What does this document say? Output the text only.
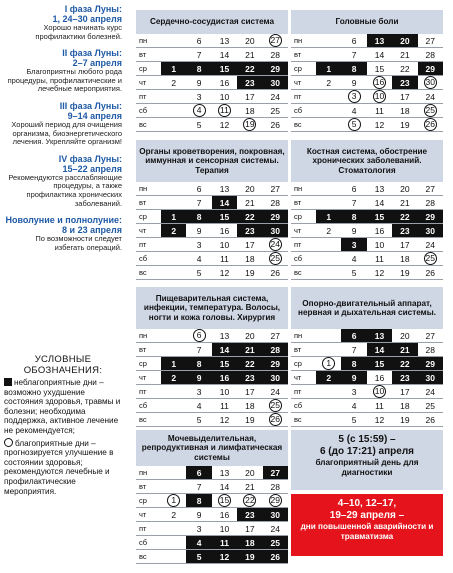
I фаза Луны:
1, 24–30 апреля
Хорошо начинать курс профилактики болезней.
II фаза Луны:
2–7 апреля
Благоприятны любого рода процедуры, профилактические и лечебные мероприятия.
III фаза Луны:
9–14 апреля
Хороший период для очищения организма, биоэнергетического лечения. Укрепляйте организм!
IV фаза Луны:
15–22 апреля
Рекомендуются расслабляющие процедуры, а также профилактика хронических заболеваний.
Новолуние и полнолуние:
8 и 23 апреля
По возможности следует избегать операций.
УСЛОВНЫЕ ОБОЗНАЧЕНИЯ:
неблагоприятные дни – возможно ухудшение состояния здоровья, травмы и болезни; необходима поддержка, активное лечение не рекомендуется;
благоприятные дни – прогнозируется улучшение в состоянии здоровья; рекомендуются лечебные и профилактические мероприятия.
Сердечно-сосудистая система
пн		6	13	20	27
вт		7	14	21	28
ср	1	8	15	22	29
чт	2	9	16	23	30
пт		3	10	17	24
сб		4	11	18	25
вс		5	12	19	26
Головные боли
пн		6	13	20	27
вт		7	14	21	28
ср	1	8	15	22	29
чт	2	9	16	23	30
пт		3	10	17	24
сб		4	11	18	25
вс		5	12	19	26
Органы кроветворения, покровная, иммунная и сенсорная системы. Терапия
пн		6	13	20	27
вт		7	14	21	28
ср	1	8	15	22	29
чт	2	9	16	23	30
пт		3	10	17	24
сб		4	11	18	25
вс		5	12	19	26
Костная система, обострение хронических заболеваний. Стоматология
пн		6	13	20	27
вт		7	14	21	28
ср	1	8	15	22	29
чт	2	9	16	23	30
пт		3	10	17	24
сб		4	11	18	25
вс		5	12	19	26
Пищеварительная система, инфекции, температура. Волосы, ногти и кожа головы. Хирургия
пн		6	13	20	27
вт		7	14	21	28
ср	1	8	15	22	29
чт	2	9	16	23	30
пт		3	10	17	24
сб		4	11	18	25
вс		5	12	19	26
Опорно-двигательный аппарат, нервная и дыхательная системы.
пн		6	13	20	27
вт		7	14	21	28
ср	1	8	15	22	29
чт	2	9	16	23	30
пт		3	10	17	24
сб		4	11	18	25
вс		5	12	19	26
Мочевыделительная, репродуктивная и лимфатическая системы
пн		6	13	20	27
вт		7	14	21	28
ср	1	8	15	22	29
чт	2	9	16	23	30
пт		3	10	17	24
сб		4	11	18	25
вс		5	12	19	26
5 (с 15:59) –
6 (до 17:21) апреля
благоприятный день для диагностики
4–10, 12–17,
19–29 апреля –
дни повышенной аварийности и травматизма
